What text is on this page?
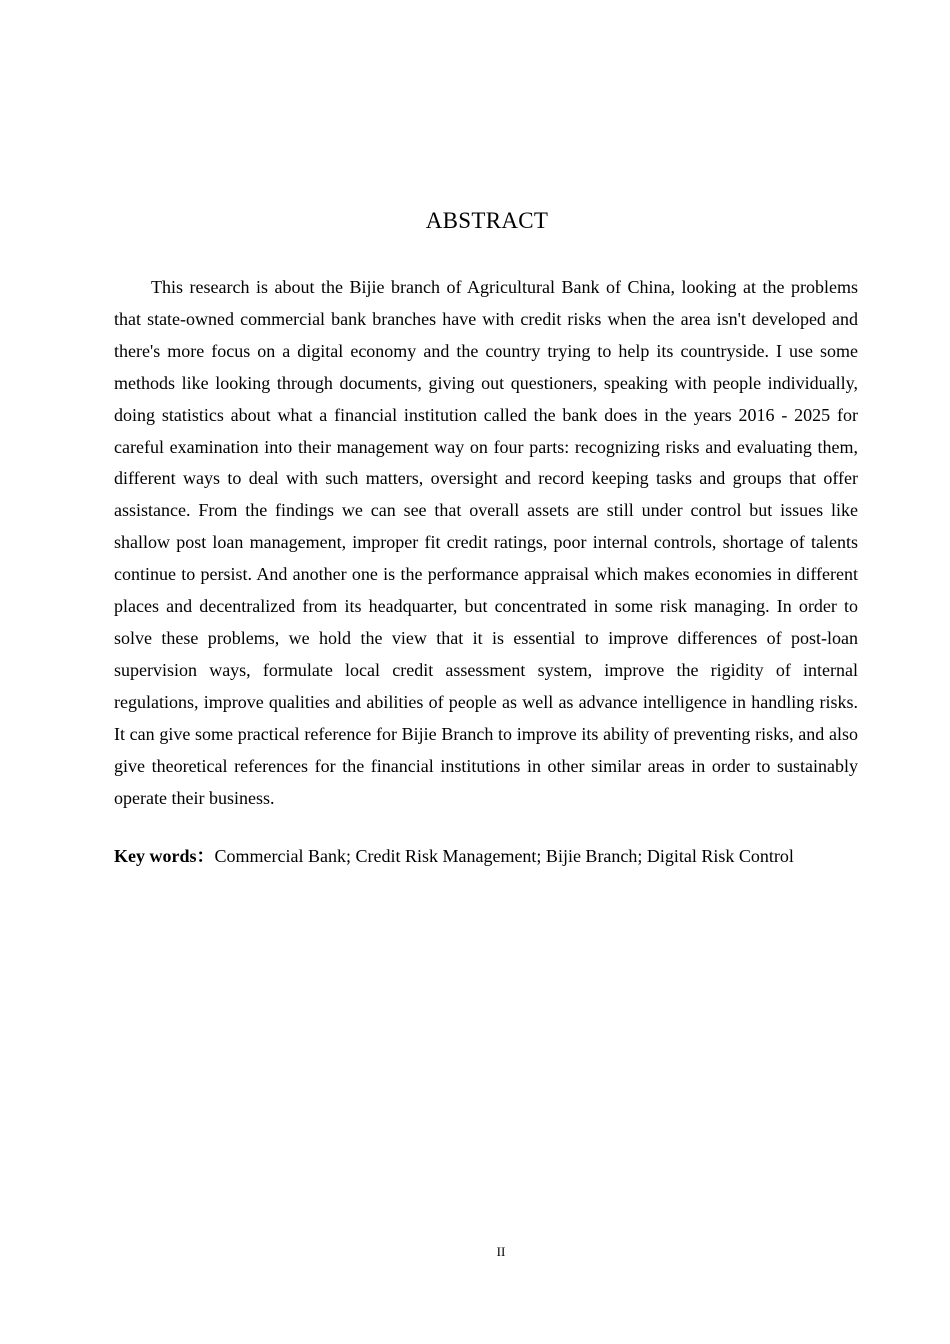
ABSTRACT

This research is about the Bijie branch of Agricultural Bank of China, looking at the problems that state-owned commercial bank branches have with credit risks when the area isn't developed and there's more focus on a digital economy and the country trying to help its countryside. I use some methods like looking through documents, giving out questioners, speaking with people individually, doing statistics about what a financial institution called the bank does in the years 2016 - 2025 for careful examination into their management way on four parts: recognizing risks and evaluating them, different ways to deal with such matters, oversight and record keeping tasks and groups that offer assistance. From the findings we can see that overall assets are still under control but issues like shallow post loan management, improper fit credit ratings, poor internal controls, shortage of talents continue to persist. And another one is the performance appraisal which makes economies in different places and decentralized from its headquarter, but concentrated in some risk managing. In order to solve these problems, we hold the view that it is essential to improve differences of post-loan supervision ways, formulate local credit assessment system, improve the rigidity of internal regulations, improve qualities and abilities of people as well as advance intelligence in handling risks. It can give some practical reference for Bijie Branch to improve its ability of preventing risks, and also give theoretical references for the financial institutions in other similar areas in order to sustainably operate their business.

Key words：Commercial Bank; Credit Risk Management; Bijie Branch; Digital Risk Control

II
